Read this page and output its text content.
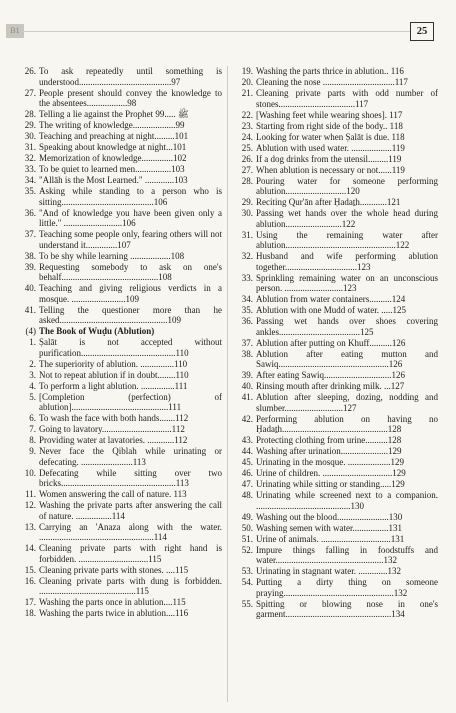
B1	25
26. To ask repeatedly until something is understood.........................................97
27. People present should convey the knowledge to the absentees..................98
28. Telling a lie against the Prophet ﷺ .....99
29. The writing of knowledge...................99
30. Teaching and preaching at night.........101
31. Speaking about knowledge at night...101
32. Memorization of knowledge..............102
33. To be quiet to learned men................103
34. "Allāh is the Most Learned." .............103
35. Asking while standing to a person who is sitting.........................................106
36. "And of knowledge you have been given only a little." ..........................106
37. Teaching some people only, fearing others will not understand it..............107
38. To be shy while learning ..................108
39. Requesting somebody to ask on one's behalf...........................................108
40. Teaching and giving religious verdicts in a mosque. ........................109
41. Telling the questioner more than he asked................................................109
(4) The Book of Wuḍu (Ablution)
1. Ṣalāt is not accepted without purification..........................................110
2. The superiority of ablution. ...............110
3. Not to repeat ablution if in doubt........110
4. To perform a light ablution. ...............111
5. [Completion (perfection) of ablution]...........................................111
6. To wash the face with both hands.......112
7. Going to lavatory...............................112
8. Providing water at lavatories. ............112
9. Never face the Qiblah while urinating or defecating. .......................113
10. Defecating while sitting over two bricks...................................................113
11. Women answering the call of nature. 113
12. Washing the private parts after answering the call of nature. ................114
13. Carrying an 'Anaza along with the water. ...................................................114
14. Cleaning private parts with right hand is forbidden. ...............................115
15. Cleaning private parts with stones. ....115
16. Cleaning private parts with dung is forbidden. ...........................................115
17. Washing the parts once in ablution....115
18. Washing the parts twice in ablution....116
19. Washing the parts thrice in ablution.. 116
20. Cleaning the nose ................................117
21. Cleaning private parts with odd number of stones..................................117
22. [Washing feet while wearing shoes]. 117
23. Starting from right side of the body.. 118
24. Looking for water when Ṣalāt is due. 118
25. Ablution with used water. ..................119
26. If a dog drinks from the utensil.........119
27. When ablution is necessary or not......119
28. Pouring water for someone performing ablution...........................120
29. Reciting Qur'ān after Ḥadaṯh............121
30. Passing wet hands over the whole head during ablution.........................122
31. Using the remaining water after ablution.................................................122
32. Husband and wife performing ablution together................................123
33. Sprinkling remaining water on an unconscious person. ..........................123
34. Ablution from water containers..........124
35. Ablution with one Mudd of water. .....125
36. Passing wet hands over shoes covering ankles....................................125
37. Ablution after putting on Khuff..........126
38. Ablution after eating mutton and Sawiq.................................................126
39. After eating Sawiq..............................126
40. Rinsing mouth after drinking milk. ...127
41. Ablution after sleeping, dozing, nodding and slumber..........................127
42. Performing ablution on having no Ḥadaṯh...............................................128
43. Protecting clothing from urine..........128
44. Washing after urination.....................129
45. Urinating in the mosque. ...................129
46. Urine of children. ...............................129
47. Urinating while sitting or standing.....129
48. Urinating while screened next to a companion. ..........................................130
49. Washing out the blood.......................130
50. Washing semen with water................131
51. Urine of animals. ...............................131
52. Impure things falling in foodstuffs and water................................................132
53. Urinating in stagnant water. .............132
54. Putting a dirty thing on someone praying.................................................132
55. Spitting or blowing nose in one's garment...............................................134
